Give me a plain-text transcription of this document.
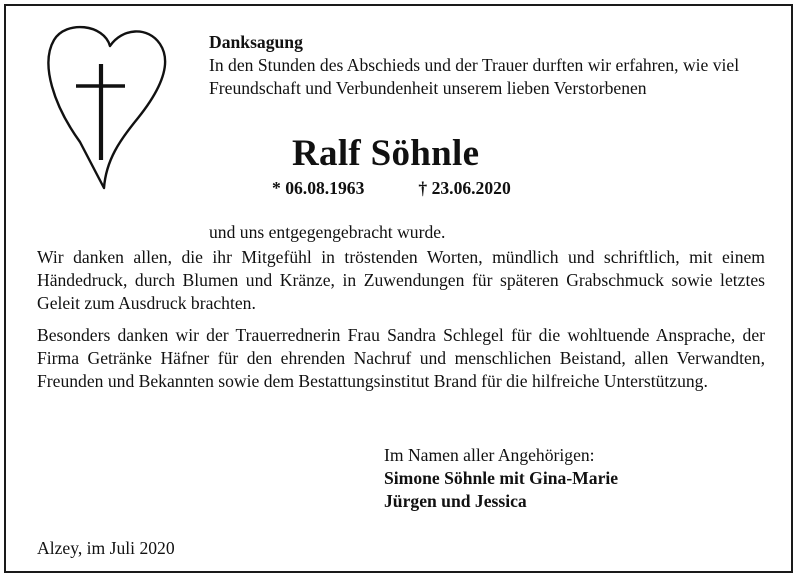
Danksagung
In den Stunden des Abschieds und der Trauer durften wir erfahren, wie viel Freundschaft und Verbundenheit unserem lieben Verstorbenen
Ralf Söhnle
* 06.08.1963	† 23.06.2020
und uns entgegengebracht wurde.

Wir danken allen, die ihr Mitgefühl in tröstenden Worten, mündlich und schriftlich, mit einem Händedruck, durch Blumen und Kränze, in Zuwendungen für späteren Grabschmuck sowie letztes Geleit zum Ausdruck brachten.

Besonders danken wir der Trauerrednerin Frau Sandra Schlegel für die wohltuende Ansprache, der Firma Getränke Häfner für den ehrenden Nachruf und menschlichen Beistand, allen Verwandten, Freunden und Bekannten sowie dem Bestattungsinstitut Brand für die hilfreiche Unterstützung.

Im Namen aller Angehörigen:
Simone Söhnle mit Gina-Marie
Jürgen und Jessica
Alzey, im Juli 2020
